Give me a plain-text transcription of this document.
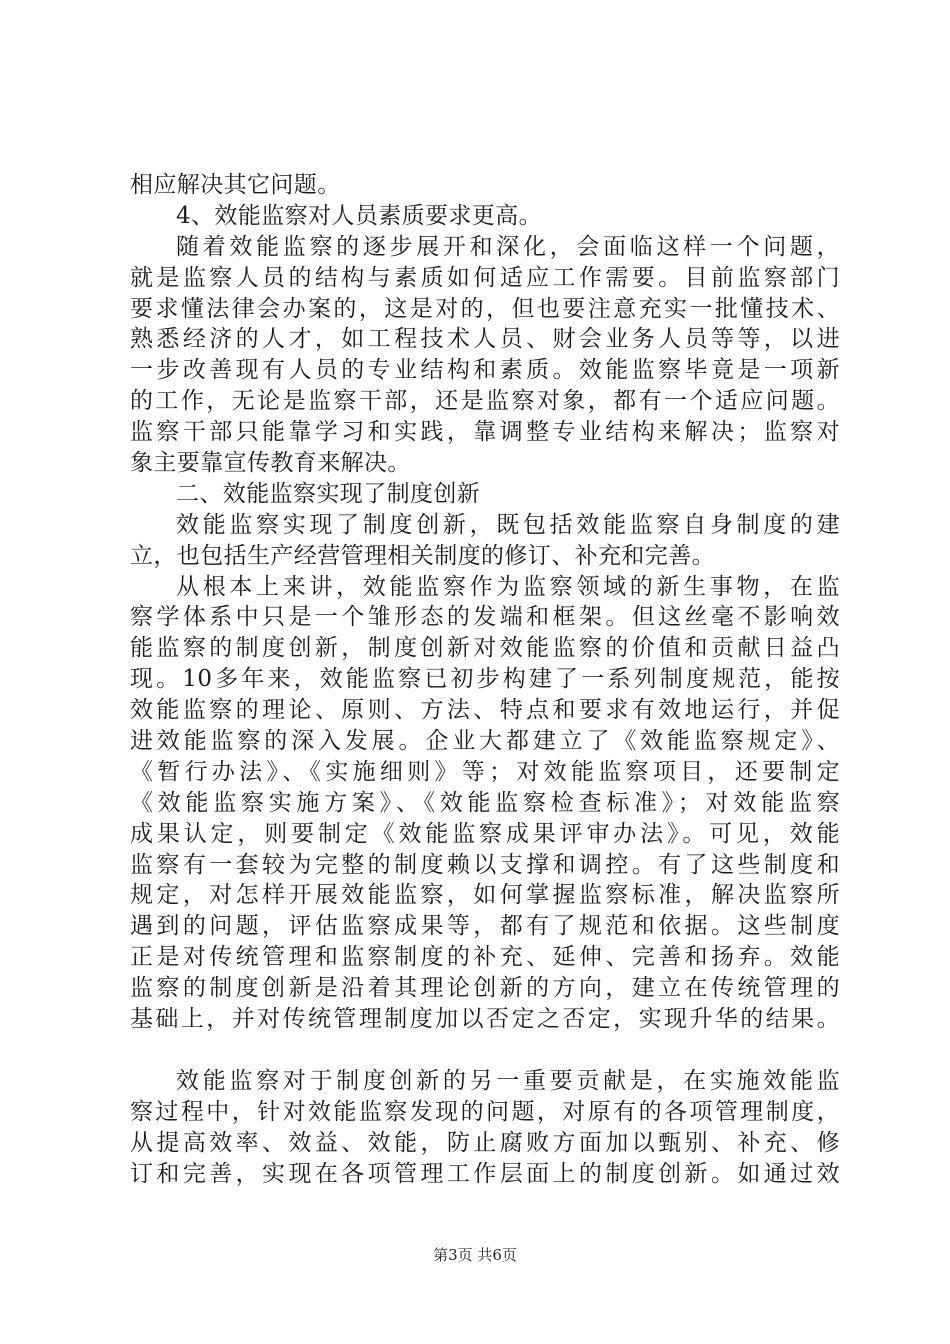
相应解决其它问题。
4、效能监察对人员素质要求更高。
随着效能监察的逐步展开和深化，会面临这样一个问题，
就是监察人员的结构与素质如何适应工作需要。目前监察部门
要求懂法律会办案的，这是对的，但也要注意充实一批懂技术、
熟悉经济的人才，如工程技术人员、财会业务人员等等，以进
一步改善现有人员的专业结构和素质。效能监察毕竟是一项新
的工作，无论是监察干部，还是监察对象，都有一个适应问题。
监察干部只能靠学习和实践，靠调整专业结构来解决；监察对
象主要靠宣传教育来解决。
二、效能监察实现了制度创新
效能监察实现了制度创新，既包括效能监察自身制度的建
立，也包括生产经营管理相关制度的修订、补充和完善。
从根本上来讲，效能监察作为监察领域的新生事物，在监
察学体系中只是一个雏形态的发端和框架。但这丝毫不影响效
能监察的制度创新，制度创新对效能监察的价值和贡献日益凸
现。10多年来，效能监察已初步构建了一系列制度规范，能按
效能监察的理论、原则、方法、特点和要求有效地运行，并促
进效能监察的深入发展。企业大都建立了《效能监察规定》、
《暂行办法》、《实施细则》等；对效能监察项目，还要制定
《效能监察实施方案》、《效能监察检查标准》；对效能监察
成果认定，则要制定《效能监察成果评审办法》。可见，效能
监察有一套较为完整的制度赖以支撑和调控。有了这些制度和
规定，对怎样开展效能监察，如何掌握监察标准，解决监察所
遇到的问题，评估监察成果等，都有了规范和依据。这些制度
正是对传统管理和监察制度的补充、延伸、完善和扬弃。效能
监察的制度创新是沿着其理论创新的方向，建立在传统管理的
基础上，并对传统管理制度加以否定之否定，实现升华的结果。
效能监察对于制度创新的另一重要贡献是，在实施效能监
察过程中，针对效能监察发现的问题，对原有的各项管理制度，
从提高效率、效益、效能，防止腐败方面加以甄别、补充、修
订和完善，实现在各项管理工作层面上的制度创新。如通过效
第3页 共6页
